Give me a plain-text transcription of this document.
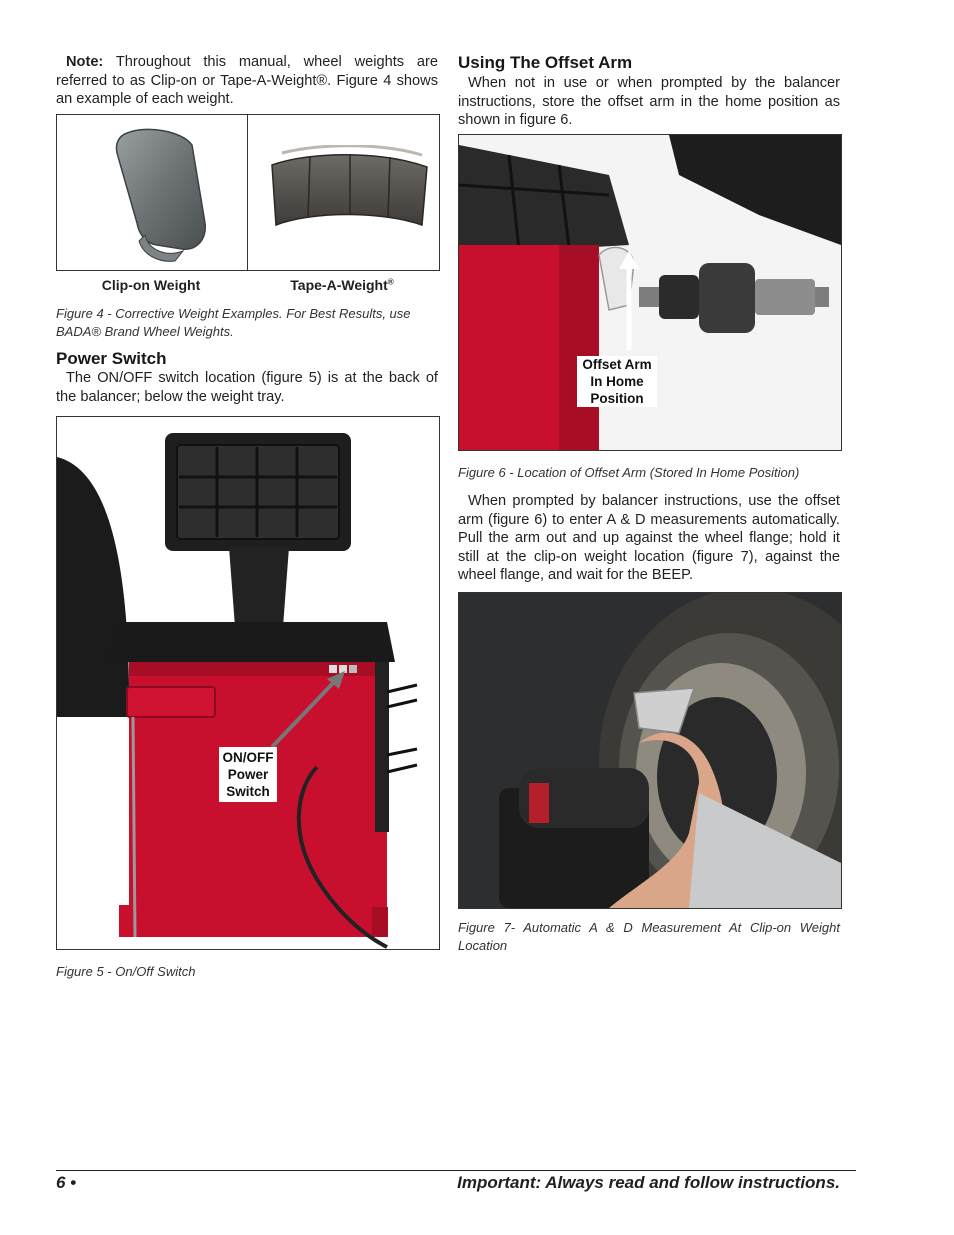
Note: Throughout this manual, wheel weights are referred to as Clip-on or Tape-A-Weight®. Figure 4 shows an example of each weight.
Clip-on Weight	Tape-A-Weight®
Figure 4 - Corrective Weight Examples. For Best Results, use BADA® Brand Wheel Weights.
Power Switch
The ON/OFF switch location (figure 5) is at the back of the balancer; below the weight tray.
ON/OFF
Power
Switch
Figure 5 - On/Off Switch
Using The Offset Arm
When not in use or when prompted by the balancer instructions, store the offset arm in the home position as shown in figure 6.
Offset Arm
In Home
Position
Figure 6 - Location of Offset Arm (Stored In Home Position)
When prompted by balancer instructions, use the offset arm (figure 6) to enter A & D measurements automatically. Pull the arm out and up against the wheel flange; hold it still at the clip-on weight location (figure 7), against the wheel flange, and wait for the BEEP.
Figure 7- Automatic A & D Measurement At Clip-on Weight Location
6 •	Important: Always read and follow instructions.
